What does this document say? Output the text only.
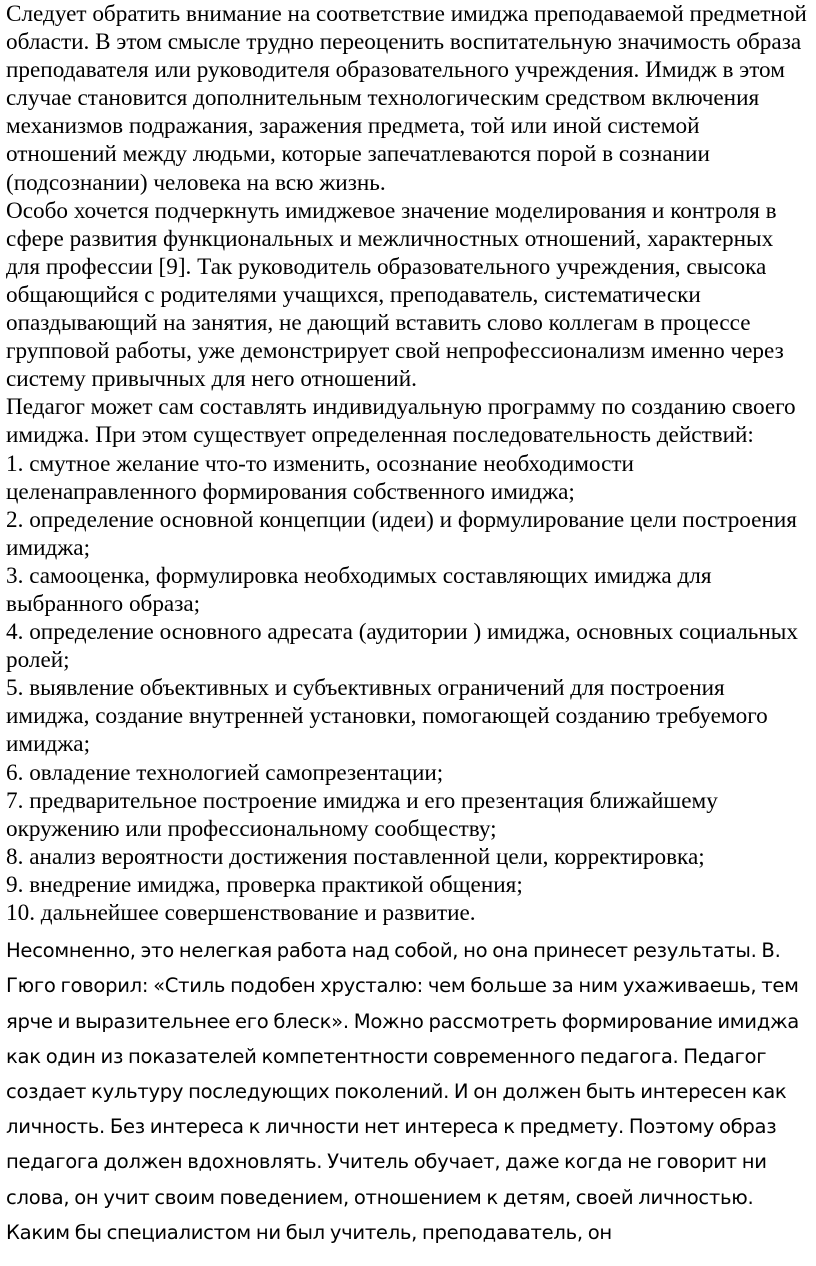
Следует обратить внимание на соответствие имиджа преподаваемой предметной области. В этом смысле трудно переоценить воспитательную значимость образа преподавателя или руководителя образовательного учреждения. Имидж в этом случае становится дополнительным технологическим средством включения механизмов подражания, заражения предмета, той или иной системой отношений между людьми, которые запечатлеваются порой в сознании (подсознании) человека на всю жизнь.

Особо хочется подчеркнуть имиджевое значение моделирования и контроля в сфере развития функциональных и межличностных отношений, характерных для профессии [9]. Так руководитель образовательного учреждения, свысока общающийся с родителями учащихся, преподаватель, систематически опаздывающий на занятия, не дающий вставить слово коллегам в процессе групповой работы, уже демонстрирует свой непрофессионализм именно через систему привычных для него отношений.

Педагог может сам составлять индивидуальную программу по созданию своего имиджа. При этом существует определенная последовательность действий:

1. смутное желание что-то изменить, осознание необходимости целенаправленного формирования собственного имиджа;
2. определение основной концепции (идеи) и формулирование цели построения имиджа;
3. самооценка, формулировка необходимых составляющих имиджа для выбранного образа;
4. определение основного адресата (аудитории ) имиджа, основных социальных ролей;
5. выявление объективных и субъективных ограничений для построения имиджа, создание внутренней установки, помогающей созданию требуемого имиджа;
6. овладение технологией самопрезентации;
7. предварительное построение имиджа и его презентация ближайшему окружению или профессиональному сообществу;
8. анализ вероятности достижения поставленной цели, корректировка;
9. внедрение имиджа, проверка практикой общения;
10. дальнейшее совершенствование и развитие.

Несомненно, это нелегкая работа над собой, но она принесет результаты. В. Гюго говорил: «Стиль подобен хрусталю: чем больше за ним ухаживаешь, тем ярче и выразительнее его блеск». Можно рассмотреть формирование имиджа как один из показателей компетентности современного педагога. Педагог создает культуру последующих поколений. И он должен быть интересен как личность. Без интереса к личности нет интереса к предмету. Поэтому образ педагога должен вдохновлять. Учитель обучает, даже когда не говорит ни слова, он учит своим поведением, отношением к детям, своей личностью. Каким бы специалистом ни был учитель, преподаватель, он
